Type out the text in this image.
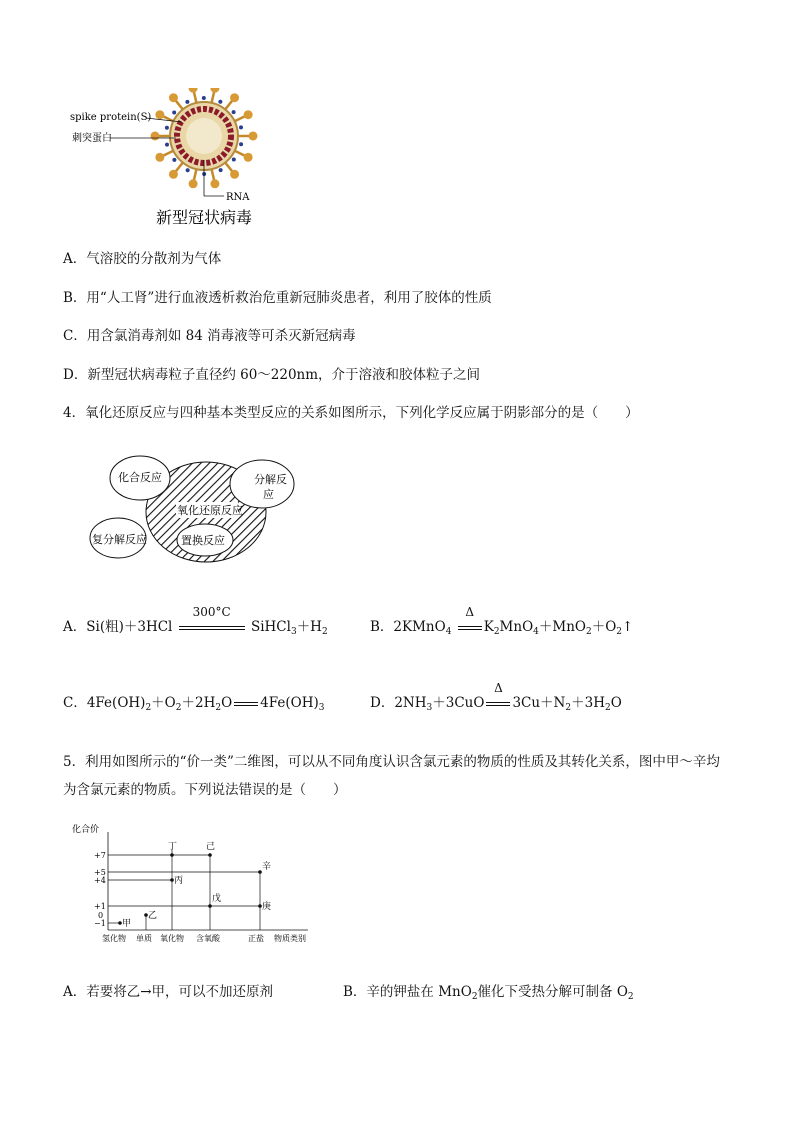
spike protein(S)
刺突蛋白
RNA
新型冠状病毒
A．气溶胶的分散剂为气体
B．用“人工肾”进行血液透析救治危重新冠肺炎患者，利用了胶体的性质
C．用含氯消毒剂如 84 消毒液等可杀灭新冠病毒
D．新型冠状病毒粒子直径约 60～220nm，介于溶液和胶体粒子之间
4．氧化还原反应与四种基本类型反应的关系如图所示，下列化学反应属于阴影部分的是（　　）
化合反应	分解反
应
氧化还原反应
复分解反应	置换反应
A．Si(粗)＋3HCl
300°C
$SiHCl_3+H_2$	B．2KMnO$_4$
Δ
$K_2MnO_4+MnO_2+O_2↑$
C．$4Fe(OH)_2+O_2+2H_2O$ $4Fe(OH)_3$	D．$2NH_3+3CuO$
Δ
$3Cu+N_2+3H_2O$
5．利用如图所示的“价一类”二维图，可以从不同角度认识含氯元素的物质的性质及其转化关系，图中甲～辛均为含氯元素的物质。下列说法错误的是（　　）
化合价
+7
+5
+4
+1
0
−1 甲
乙
丙
丁
戊
己
庚
辛
氢化物 单质 氧化物 含氧酸	正盐 物质类别
A．若要将乙→甲，可以不加还原剂	B．辛的钾盐在 MnO$_2$催化下受热分解可制备 $O_2$
